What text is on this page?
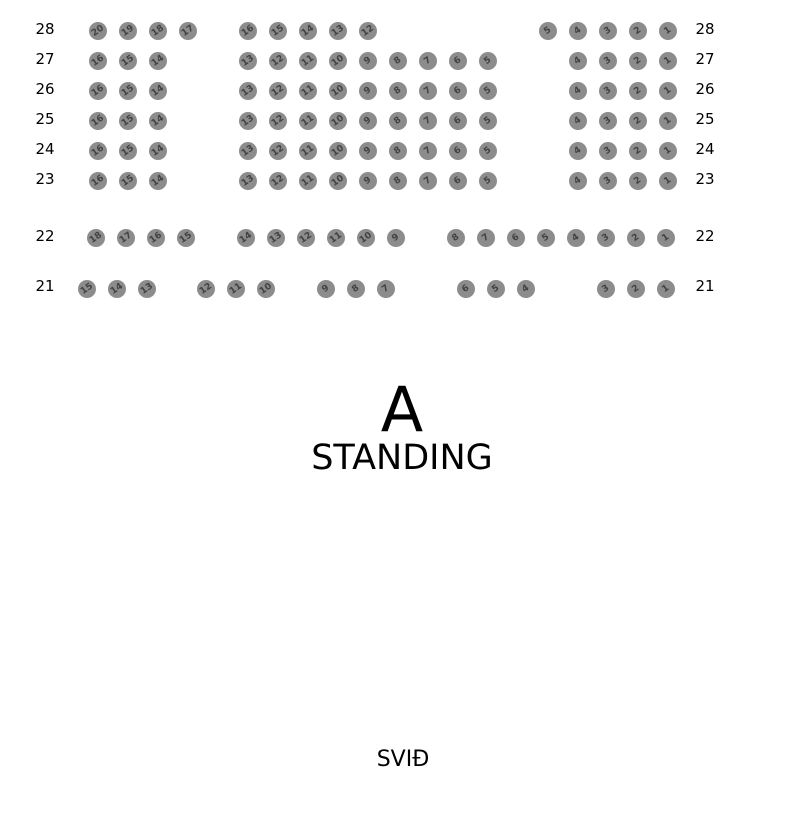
A
STANDING
SVIÐ
28	28
20 19 18 17	16 15 14 13 12	5 4 3 2 1
27	27
16 15 14	13 12 11 10 9 8 7 6 5	4 3 2 1
26	26
16 15 14	13 12 11 10 9 8 7 6 5	4 3 2 1
25	25
16 15 14	13 12 11 10 9 8 7 6 5	4 3 2 1
24	24
16 15 14	13 12 11 10 9 8 7 6 5	4 3 2 1
23	23
16 15 14	13 12 11 10 9 8 7 6 5	4 3 2 1
22	22
18 17 16 15	14 13 12 11 10 9	8 7 6 5 4 3 2 1
21	21
15 14 13	12 11 10	9 8 7	6 5 4	3 2 1
